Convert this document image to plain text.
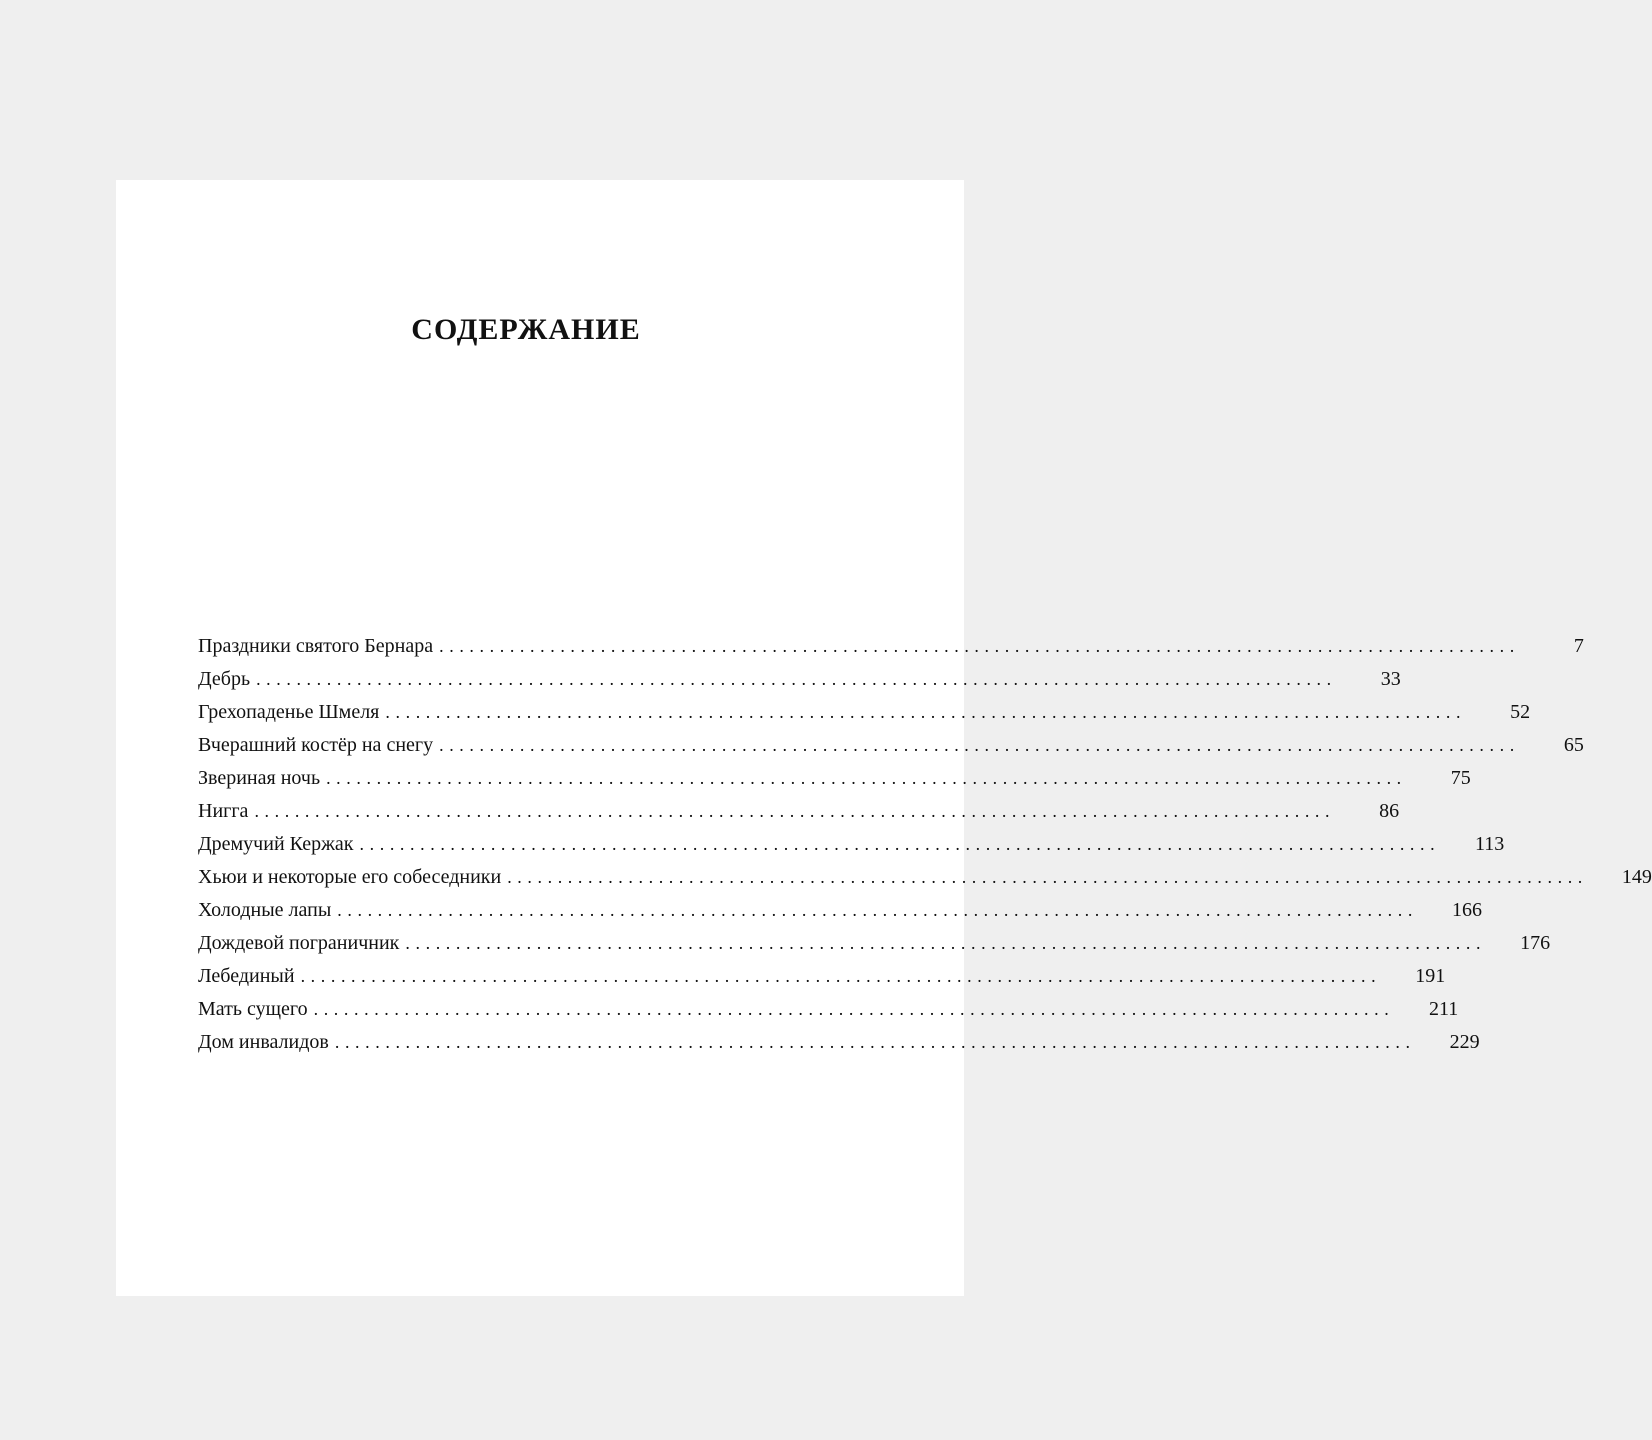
СОДЕРЖАНИЕ
Праздники святого Бернара ...........................................................................................................	7
Дебрь ...........................................................................................................	33
Грехопаденье Шмеля ...........................................................................................................	52
Вчерашний костёр на снегу ...........................................................................................................	65
Звериная ночь ...........................................................................................................	75
Нигга ...........................................................................................................	86
Дремучий Кержак ........................................................................................................... 113
Хьюи и некоторые его собеседники ........................................................................................................... 149
Холодные лапы ........................................................................................................... 166
Дождевой пограничник ........................................................................................................... 176
Лебединый ........................................................................................................... 191
Мать сущего ........................................................................................................... 211
Дом инвалидов ........................................................................................................... 229
